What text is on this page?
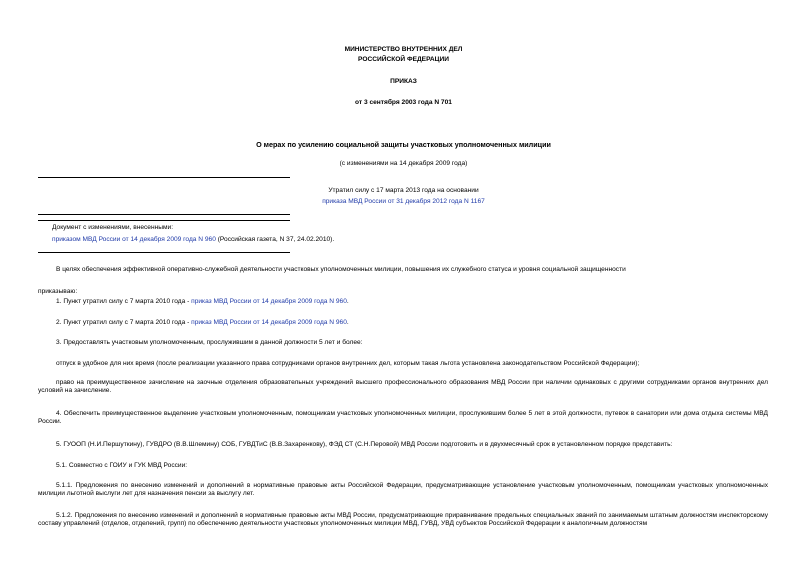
МИНИСТЕРСТВО ВНУТРЕННИХ ДЕЛ
РОССИЙСКОЙ ФЕДЕРАЦИИ
ПРИКАЗ
от 3 сентября 2003 года N 701
О мерах по усилению социальной защиты участковых уполномоченных милиции
(с изменениями на 14 декабря 2009 года)
Утратил силу с 17 марта 2013 года на основании
приказа МВД России от 31 декабря 2012 года N 1167
Документ с изменениями, внесенными:
приказом МВД России от 14 декабря 2009 года N 960 (Российская газета, N 37, 24.02.2010).
В целях обеспечения эффективной оперативно-служебной деятельности участковых уполномоченных милиции, повышения их служебного статуса и уровня социальной защищенности
приказываю:
1. Пункт утратил силу с 7 марта 2010 года - приказ МВД России от 14 декабря 2009 года N 960.
2. Пункт утратил силу с 7 марта 2010 года - приказ МВД России от 14 декабря 2009 года N 960.
3. Предоставлять участковым уполномоченным, прослужившим в данной должности 5 лет и более:
отпуск в удобное для них время (после реализации указанного права сотрудниками органов внутренних дел, которым такая льгота установлена законодательством Российской Федерации);
право на преимущественное зачисление на заочные отделения образовательных учреждений высшего профессионального образования МВД России при наличии одинаковых с другими сотрудниками органов внутренних дел условий на зачисление.
4. Обеспечить преимущественное выделение участковым уполномоченным, помощникам участковых уполномоченных милиции, прослужившим более 5 лет в этой должности, путевок в санатории или дома отдыха системы МВД России.
5. ГУООП (Н.И.Першуткину), ГУВДРО (В.В.Шлемину) СОБ, ГУВДТиС (В.В.Захаренкову), ФЭД СТ (С.Н.Перовой) МВД России подготовить и в двухмесячный срок в установленном порядке представить:
5.1. Совместно с ГОИУ и ГУК МВД России:
5.1.1. Предложения по внесению изменений и дополнений в нормативные правовые акты Российской Федерации, предусматривающие установление участковым уполномоченным, помощникам участковых уполномоченных милиции льготной выслуги лет для назначения пенсии за выслугу лет.
5.1.2. Предложения по внесению изменений и дополнений в нормативные правовые акты МВД России, предусматривающие приравнивание предельных специальных званий по занимаемым штатным должностям инспекторскому составу управлений (отделов, отделений, групп) по обеспечению деятельности участковых уполномоченных милиции МВД, ГУВД, УВД субъектов Российской Федерации к аналогичным должностям
